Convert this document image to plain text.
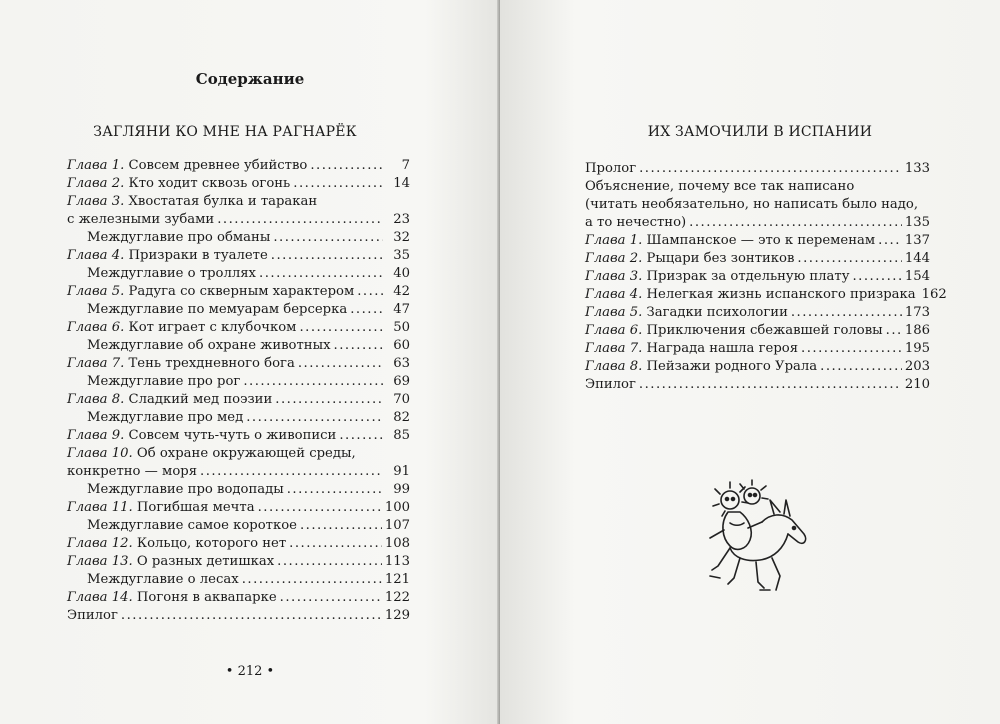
Содержание
ЗАГЛЯНИ КО МНЕ НА РАГНАРЁК
Глава 1. Совсем древнее убийство .....	7
Глава 2. Кто ходит сквозь огонь .....	14
Глава 3. Хвостатая булка и таракан
с железными зубами .....	23
Междуглавие про обманы .....	32
Глава 4. Призраки в туалете .....	35
Междуглавие о троллях .....	40
Глава 5. Радуга со скверным характером .....	42
Междуглавие по мемуарам берсерка .....	47
Глава 6. Кот играет с клубочком .....	50
Междуглавие об охране животных .....	60
Глава 7. Тень трехдневного бога .....	63
Междуглавие про рог .....	69
Глава 8. Сладкий мед поэзии .....	70
Междуглавие про мед .....	82
Глава 9. Совсем чуть-чуть о живописи .....	85
Глава 10. Об охране окружающей среды,
конкретно — моря .....	91
Междуглавие про водопады .....	99
Глава 11. Погибшая мечта .....	100
Междуглавие самое короткое .....	107
Глава 12. Кольцо, которого нет .....	108
Глава 13. О разных детишках .....	113
Междуглавие о лесах .....	121
Глава 14. Погоня в аквапарке .....	122
Эпилог .....	129
• 212 •
ИХ ЗАМОЧИЛИ В ИСПАНИИ
Пролог .....	133
Объяснение, почему все так написано
(читать необязательно, но написать было надо,
а то нечестно) .....	135
Глава 1. Шампанское — это к переменам ..... 137
Глава 2. Рыцари без зонтиков .....	144
Глава 3. Призрак за отдельную плату .....	154
Глава 4. Нелегкая жизнь испанского призрака 162
Глава 5. Загадки психологии .....	173
Глава 6. Приключения сбежавшей головы ..... 186
Глава 7. Награда нашла героя .....	195
Глава 8. Пейзажи родного Урала .....	203
Эпилог .....	210
